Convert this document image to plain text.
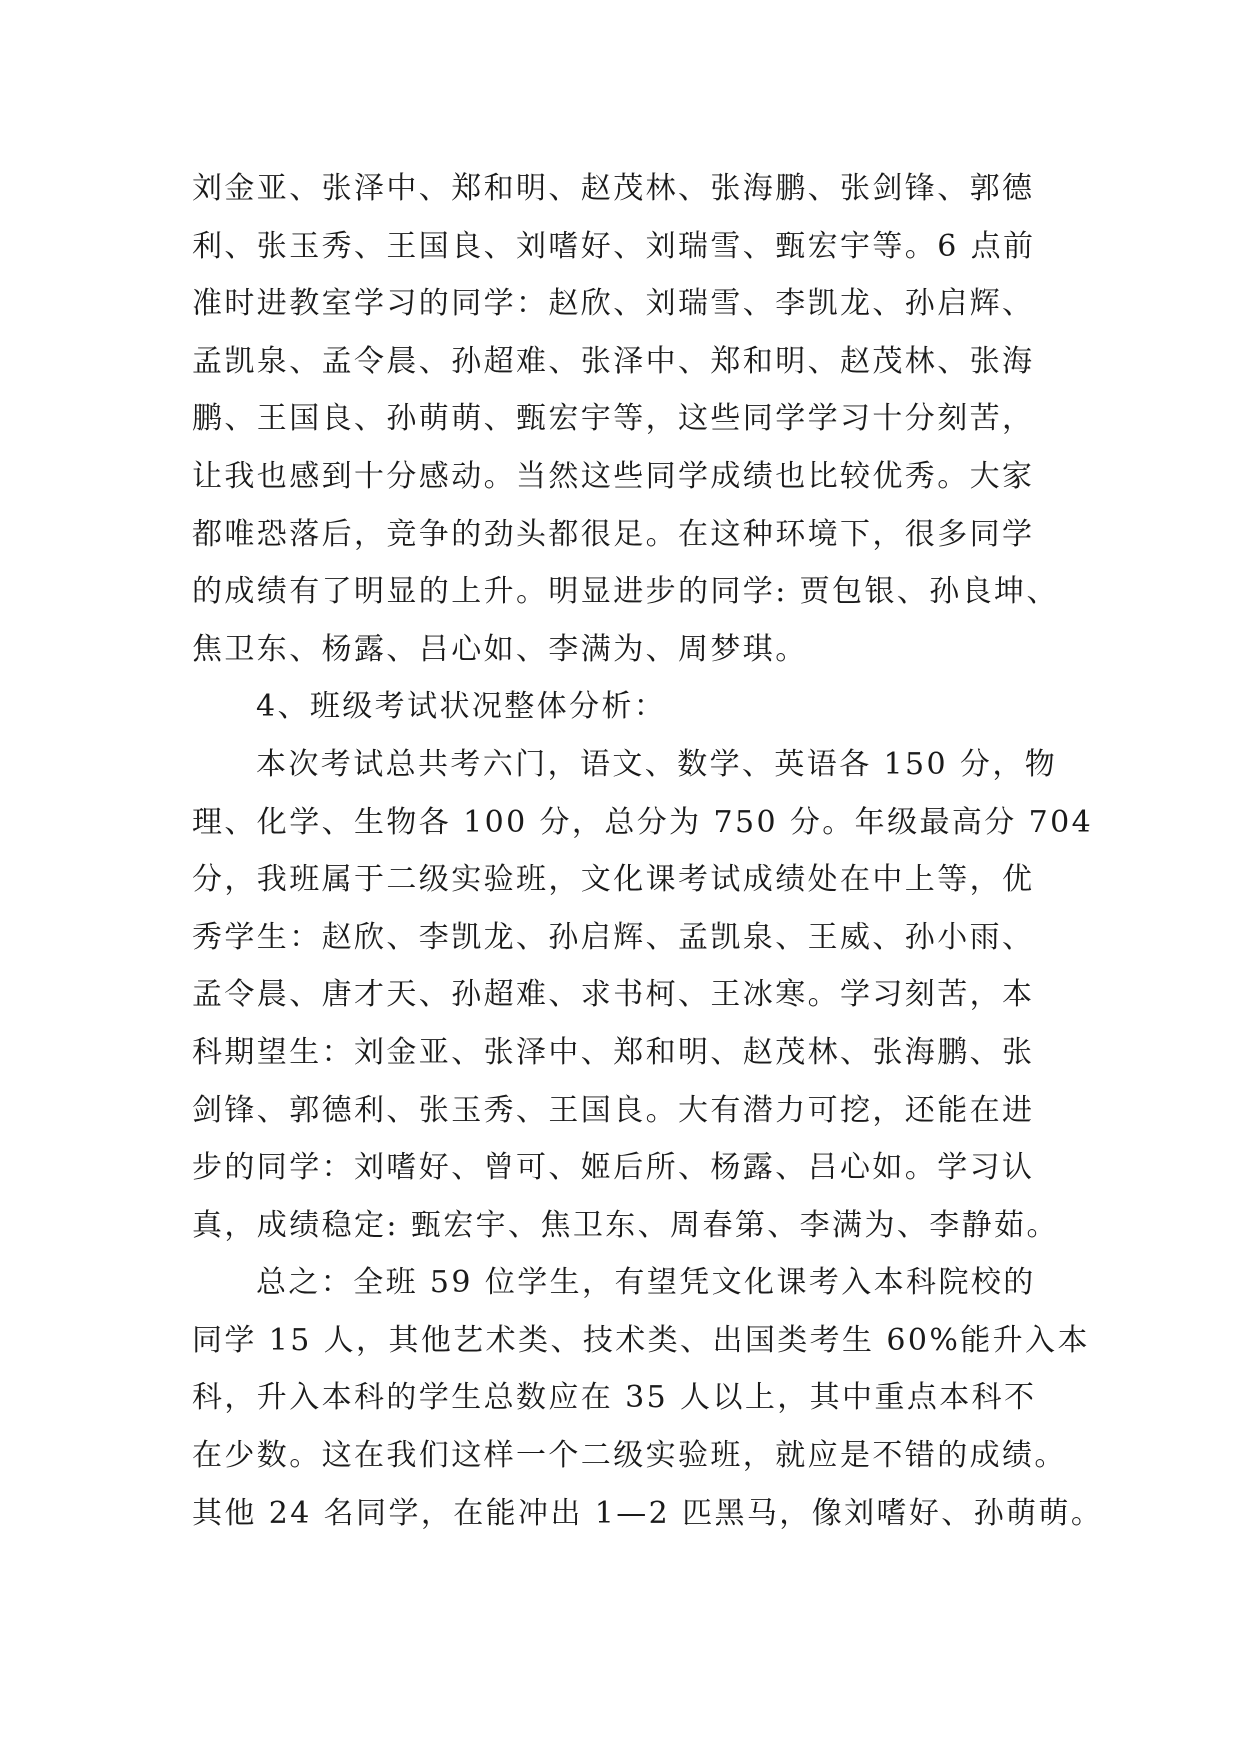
刘金亚、张泽中、郑和明、赵茂林、张海鹏、张剑锋、郭德
利、张玉秀、王国良、刘嗜好、刘瑞雪、甄宏宇等。6 点前
准时进教室学习的同学：赵欣、刘瑞雪、李凯龙、孙启辉、
孟凯泉、孟令晨、孙超难、张泽中、郑和明、赵茂林、张海
鹏、王国良、孙萌萌、甄宏宇等，这些同学学习十分刻苦，
让我也感到十分感动。当然这些同学成绩也比较优秀。大家
都唯恐落后，竞争的劲头都很足。在这种环境下，很多同学
的成绩有了明显的上升。明显进步的同学: 贾包银、孙良坤、
焦卫东、杨露、吕心如、李满为、周梦琪。
4、班级考试状况整体分析：
本次考试总共考六门，语文、数学、英语各 150 分，物
理、化学、生物各 100 分，总分为 750 分。年级最高分 704
分，我班属于二级实验班，文化课考试成绩处在中上等，优
秀学生：赵欣、李凯龙、孙启辉、孟凯泉、王威、孙小雨、
孟令晨、唐才天、孙超难、求书柯、王冰寒。学习刻苦，本
科期望生：刘金亚、张泽中、郑和明、赵茂林、张海鹏、张
剑锋、郭德利、张玉秀、王国良。大有潜力可挖，还能在进
步的同学：刘嗜好、曾可、姬后所、杨露、吕心如。学习认
真，成绩稳定: 甄宏宇、焦卫东、周春第、李满为、李静茹。
总之：全班 59 位学生，有望凭文化课考入本科院校的
同学 15 人，其他艺术类、技术类、出国类考生 60%能升入本
科，升入本科的学生总数应在 35 人以上，其中重点本科不
在少数。这在我们这样一个二级实验班，就应是不错的成绩。
其他 24 名同学，在能冲出 1—2 匹黑马，像刘嗜好、孙萌萌。
